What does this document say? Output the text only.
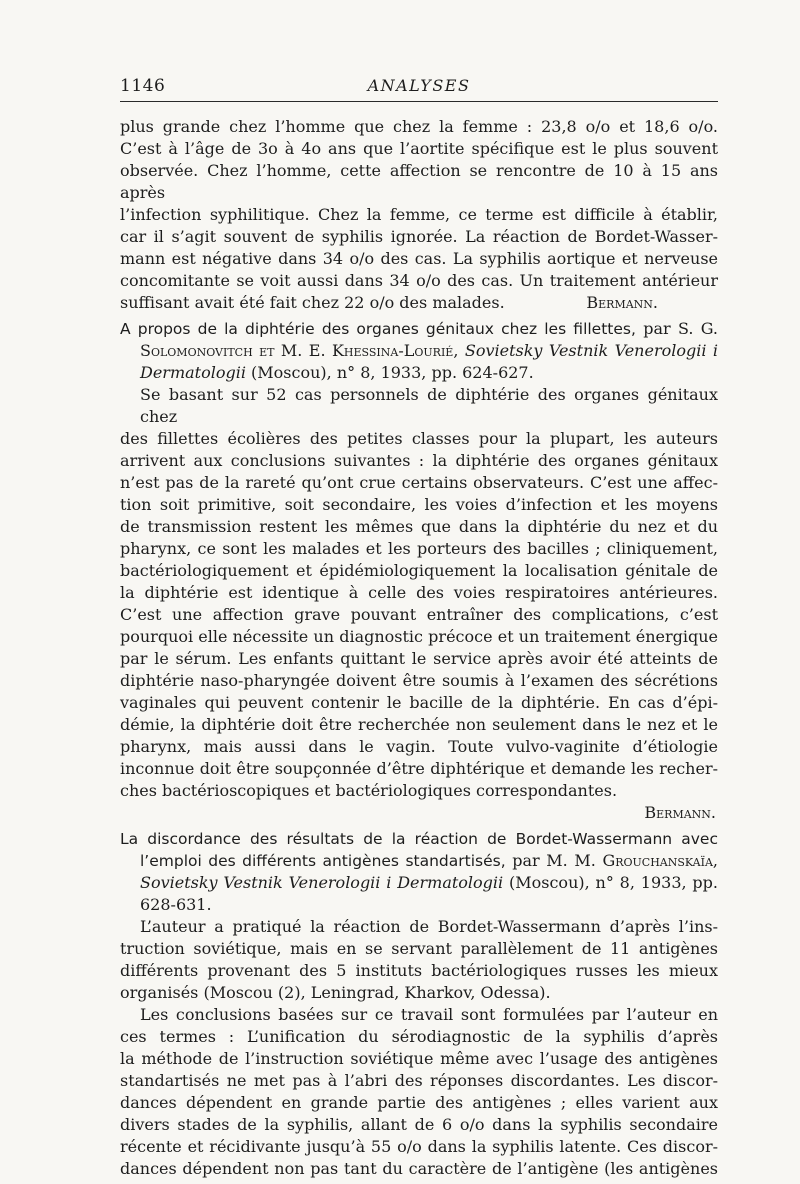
1146	ANALYSES

plus grande chez l’homme que chez la femme : 23,8 o/o et 18,6 o/o.

C’est à l’âge de 3o à 4o ans que l’aortite spécifique est le plus souvent

observée. Chez l’homme, cette affection se rencontre de 10 à 15 ans après

l’infection syphilitique. Chez la femme, ce terme est difficile à établir,

car il s’agit souvent de syphilis ignorée. La réaction de Bordet-Wasser-

mann est négative dans 34 o/o des cas. La syphilis aortique et nerveuse

concomitante se voit aussi dans 34 o/o des cas. Un traitement antérieur

suffisant avait été fait chez 22 o/o des malades.	Bermann.

A propos de la diphtérie des organes génitaux chez les fillettes, par S. G.

Solomonovitch et M. E. Khessina-Lourié, Sovietsky Vestnik Venerologii i

Dermatologii (Moscou), n° 8, 1933, pp. 624-627.

Se basant sur 52 cas personnels de diphtérie des organes génitaux chez

des fillettes écolières des petites classes pour la plupart, les auteurs

arrivent aux conclusions suivantes : la diphtérie des organes génitaux

n’est pas de la rareté qu’ont crue certains observateurs. C’est une affec-

tion soit primitive, soit secondaire, les voies d’infection et les moyens

de transmission restent les mêmes que dans la diphtérie du nez et du

pharynx, ce sont les malades et les porteurs des bacilles ; cliniquement,

bactériologiquement et épidémiologiquement la localisation génitale de

la diphtérie est identique à celle des voies respiratoires antérieures.

C’est une affection grave pouvant entraîner des complications, c’est

pourquoi elle nécessite un diagnostic précoce et un traitement énergique

par le sérum. Les enfants quittant le service après avoir été atteints de

diphtérie naso-pharyngée doivent être soumis à l’examen des sécrétions

vaginales qui peuvent contenir le bacille de la diphtérie. En cas d’épi-

démie, la diphtérie doit être recherchée non seulement dans le nez et le

pharynx, mais aussi dans le vagin. Toute vulvo-vaginite d’étiologie

inconnue doit être soupçonnée d’être diphtérique et demande les recher-

ches bactérioscopiques et bactériologiques correspondantes.

Bermann.

La discordance des résultats de la réaction de Bordet-Wassermann avec

l’emploi des différents antigènes standartisés, par M. M. Grouchanskaïa,

Sovietsky Vestnik Venerologii i Dermatologii (Moscou), n° 8, 1933, pp. 628-631.

L’auteur a pratiqué la réaction de Bordet-Wassermann d’après l’ins-

truction soviétique, mais en se servant parallèlement de 11 antigènes

différents provenant des 5 instituts bactériologiques russes les mieux

organisés (Moscou (2), Leningrad, Kharkov, Odessa).

Les conclusions basées sur ce travail sont formulées par l’auteur en

ces termes : L’unification du sérodiagnostic de la syphilis d’après

la méthode de l’instruction soviétique même avec l’usage des antigènes

standartisés ne met pas à l’abri des réponses discordantes. Les discor-

dances dépendent en grande partie des antigènes ; elles varient aux

divers stades de la syphilis, allant de 6 o/o dans la syphilis secondaire

récente et récidivante jusqu’à 55 o/o dans la syphilis latente. Ces discor-

dances dépendent non pas tant du caractère de l’antigène (les antigènes
